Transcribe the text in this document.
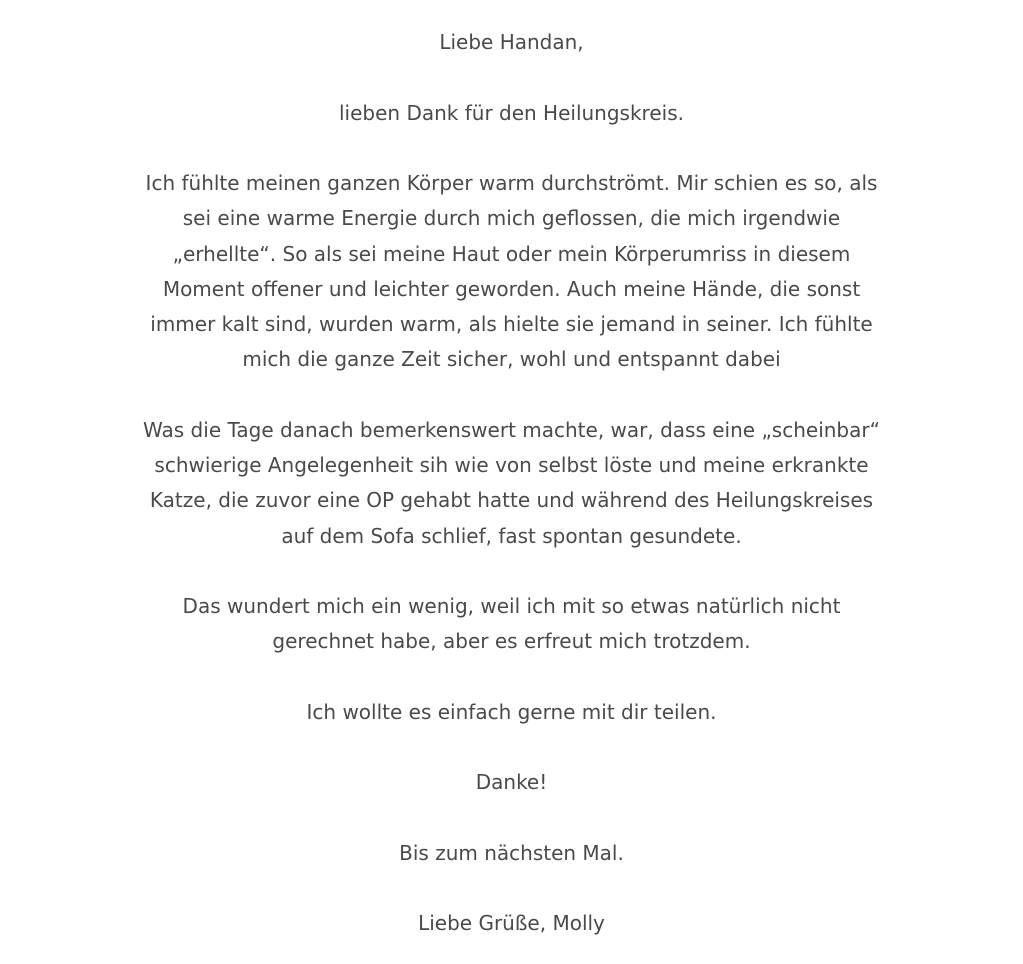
Liebe Handan,

lieben Dank für den Heilungskreis.

Ich fühlte meinen ganzen Körper warm durchströmt. Mir schien es so, als
sei eine warme Energie durch mich geflossen, die mich irgendwie
„erhellte“. So als sei meine Haut oder mein Körperumriss in diesem
Moment offener und leichter geworden. Auch meine Hände, die sonst
immer kalt sind, wurden warm, als hielte sie jemand in seiner. Ich fühlte
mich die ganze Zeit sicher, wohl und entspannt dabei

Was die Tage danach bemerkenswert machte, war, dass eine „scheinbar“
schwierige Angelegenheit sih wie von selbst löste und meine erkrankte
Katze, die zuvor eine OP gehabt hatte und während des Heilungskreises
auf dem Sofa schlief, fast spontan gesundete.

Das wundert mich ein wenig, weil ich mit so etwas natürlich nicht
gerechnet habe, aber es erfreut mich trotzdem.

Ich wollte es einfach gerne mit dir teilen.

Danke!

Bis zum nächsten Mal.

Liebe Grüße, Molly
